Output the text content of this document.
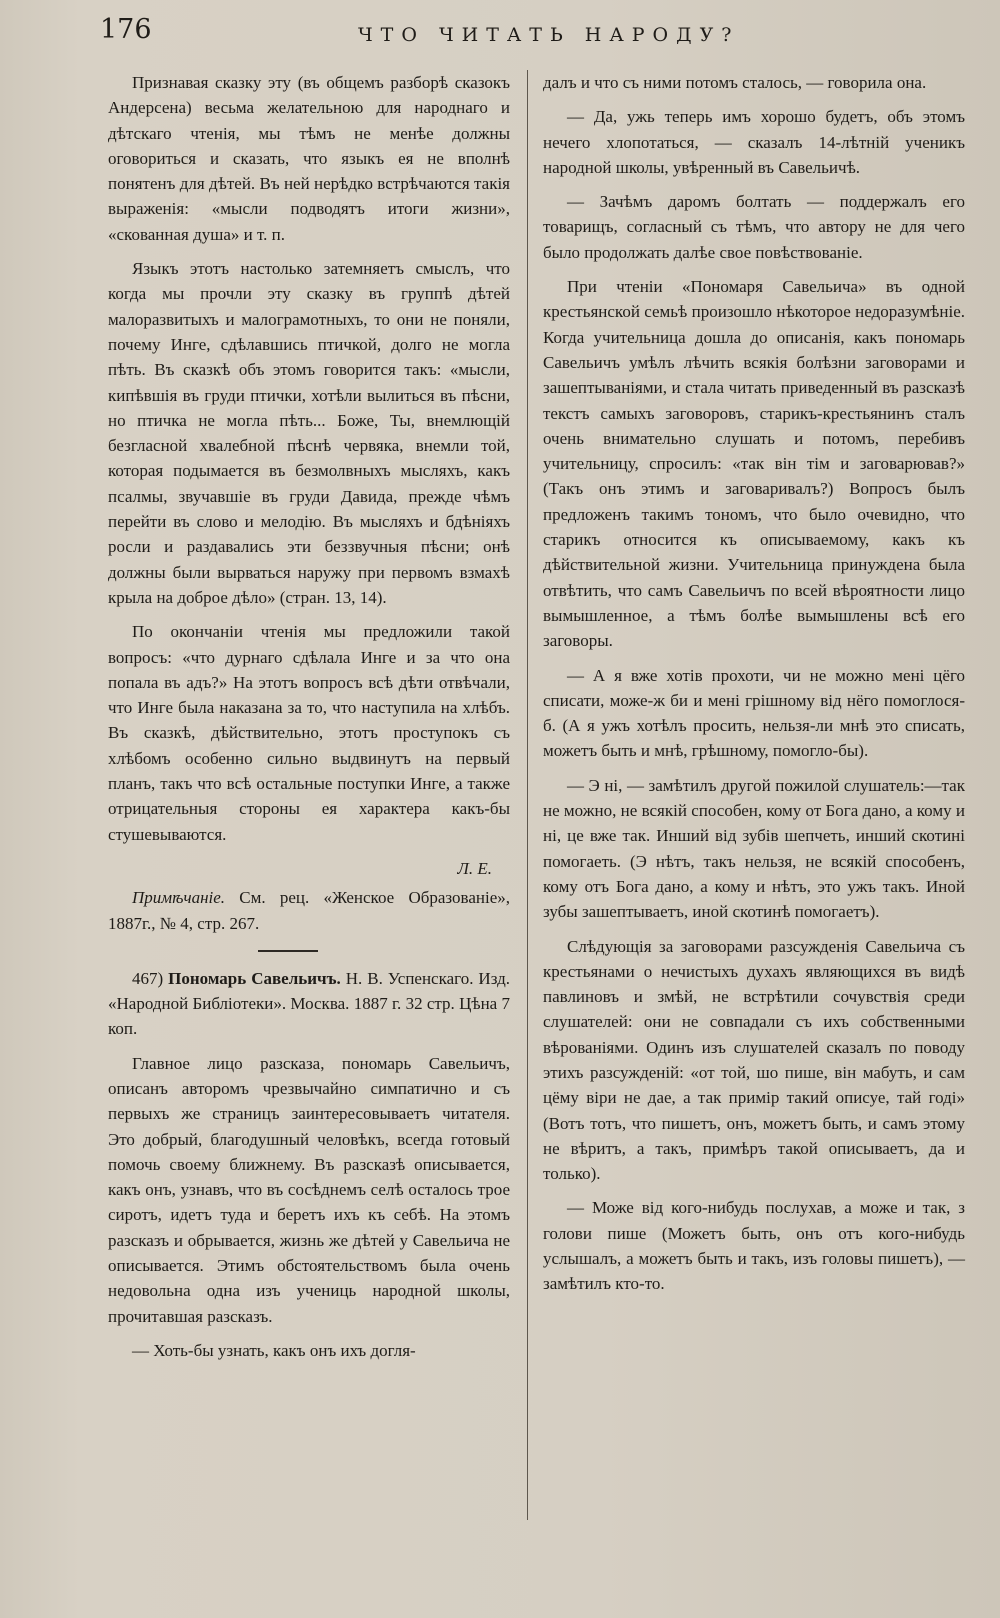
176	ЧТО ЧИТАТЬ НАРОДУ?

Признавая сказку эту (въ общемъ разборѣ сказокъ Андерсена) весьма желательною для народнаго и дѣтскаго чтенія, мы тѣмъ не менѣе должны оговориться и сказать, что языкъ ея не вполнѣ понятенъ для дѣтей. Въ ней нерѣдко встрѣчаются такія выраженія: «мысли подводятъ итоги жизни», «скованная душа» и т. п.

Языкъ этотъ настолько затемняетъ смыслъ, что когда мы прочли эту сказку въ группѣ дѣтей малоразвитыхъ и малограмотныхъ, то они не поняли, почему Инге, сдѣлавшись птичкой, долго не могла пѣть. Въ сказкѣ объ этомъ говорится такъ: «мысли, кипѣвшія въ груди птички, хотѣли вылиться въ пѣсни, но птичка не могла пѣть... Боже, Ты, внемлющій безгласной хвалебной пѣснѣ червяка, внемли той, которая подымается въ безмолвныхъ мысляхъ, какъ псалмы, звучавшіе въ груди Давида, прежде чѣмъ перейти въ слово и мелодію. Въ мысляхъ и бдѣніяхъ росли и раздавались эти беззвучныя пѣсни; онѣ должны были вырваться наружу при первомъ взмахѣ крыла на доброе дѣло» (стран. 13, 14).

По окончаніи чтенія мы предложили такой вопросъ: «что дурнаго сдѣлала Инге и за что она попала въ адъ?» На этотъ вопросъ всѣ дѣти отвѣчали, что Инге была наказана за то, что наступила на хлѣбъ. Въ сказкѣ, дѣйствительно, этотъ проступокъ съ хлѣбомъ особенно сильно выдвинутъ на первый планъ, такъ что всѣ остальные поступки Инге, а также отрицательныя стороны ея характера какъ-бы стушевываются.

Л. Е.

Примѣчаніе. См. рец. «Женское Образованіе», 1887г., № 4, стр. 267.

467) Пономарь Савельичъ. Н. В. Успенскаго. Изд. «Народной Библіотеки». Москва. 1887 г. 32 стр. Цѣна 7 коп.

Главное лицо разсказа, пономарь Савельичъ, описанъ авторомъ чрезвычайно симпатично и съ первыхъ же страницъ заинтересовываетъ читателя. Это добрый, благодушный человѣкъ, всегда готовый помочь своему ближнему. Въ разсказѣ описывается, какъ онъ, узнавъ, что въ сосѣднемъ селѣ осталось трое сиротъ, идетъ туда и беретъ ихъ къ себѣ. На этомъ разсказъ и обрывается, жизнь же дѣтей у Савельича не описывается. Этимъ обстоятельствомъ была очень недовольна одна изъ учениць народной школы, прочитавшая разсказъ.

— Хоть-бы узнать, какъ онъ ихъ догля-

далъ и что съ ними потомъ сталось, — говорила она.

— Да, ужь теперь имъ хорошо будетъ, объ этомъ нечего хлопотаться, — сказалъ 14-лѣтній ученикъ народной школы, увѣренный въ Савельичѣ.

— Зачѣмъ даромъ болтать — поддержалъ его товарищъ, согласный съ тѣмъ, что автору не для чего было продолжать далѣе свое повѣствованіе.

При чтеніи «Пономаря Савельича» въ одной крестьянской семьѣ произошло нѣкоторое недоразумѣніе. Когда учительница дошла до описанія, какъ пономарь Савельичъ умѣлъ лѣчить всякія болѣзни заговорами и зашептываніями, и стала читать приведенный въ разсказѣ текстъ самыхъ заговоровъ, старикъ-крестьянинъ сталъ очень внимательно слушать и потомъ, перебивъ учительницу, спросилъ: «так він тім и заговарював?» (Такъ онъ этимъ и заговаривалъ?) Вопросъ былъ предложенъ такимъ тономъ, что было очевидно, что старикъ относится къ описываемому, какъ къ дѣйствительной жизни. Учительница принуждена была отвѣтить, что самъ Савельичъ по всей вѣроятности лицо вымышленное, а тѣмъ болѣе вымышлены всѣ его заговоры.

— А я вже хотів прохоти, чи не можно мені цёго списати, може-ж би и мені грішному від нёго помоглося-б. (А я ужъ хотѣлъ просить, нельзя-ли мнѣ это списать, можетъ быть и мнѣ, грѣшному, помогло-бы).

— Э ні, — замѣтилъ другой пожилой слушатель:—так не можно, не всякій способен, кому от Бога дано, а кому и ні, це вже так. Инший від зубів шепчеть, инший скотині помогаеть. (Э нѣтъ, такъ нельзя, не всякій способенъ, кому отъ Бога дано, а кому и нѣтъ, это ужъ такъ. Иной зубы зашептываетъ, иной скотинѣ помогаетъ).

Слѣдующія за заговорами разсужденія Савельича съ крестьянами о нечистыхъ духахъ являющихся въ видѣ павлиновъ и змѣй, не встрѣтили сочувствія среди слушателей: они не совпадали съ ихъ собственными вѣрованіями. Одинъ изъ слушателей сказалъ по поводу этихъ разсужденій: «от той, шо пише, він мабуть, и сам цёму віри не дае, а так примір такий описуе, тай годі» (Вотъ тотъ, что пишетъ, онъ, можетъ быть, и самъ этому не вѣритъ, а такъ, примѣръ такой описываетъ, да и только).

— Може від кого-нибудь послухав, а може и так, з голови пише (Можетъ быть, онъ отъ кого-нибудь услышалъ, а можетъ быть и такъ, изъ головы пишетъ), — замѣтилъ кто-то.
